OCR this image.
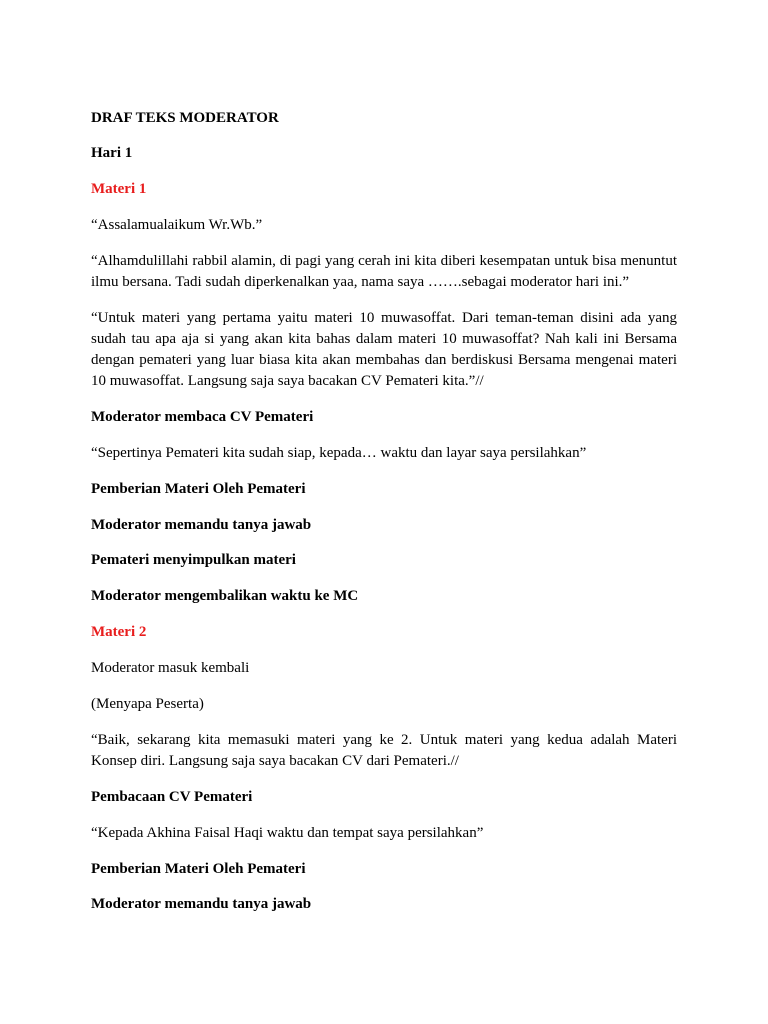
DRAF TEKS MODERATOR

Hari 1

Materi 1

“Assalamualaikum Wr.Wb.”

“Alhamdulillahi rabbil alamin, di pagi yang cerah ini kita diberi kesempatan untuk bisa menuntut
ilmu bersana. Tadi sudah diperkenalkan yaa, nama saya …….sebagai moderator hari ini.”

“Untuk materi yang pertama yaitu materi 10 muwasoffat. Dari teman-teman disini ada yang
sudah tau apa aja si yang akan kita bahas dalam materi 10 muwasoffat? Nah kali ini Bersama
dengan pemateri yang luar biasa kita akan membahas dan berdiskusi Bersama mengenai materi
10 muwasoffat. Langsung saja saya bacakan CV Pemateri kita.”//

Moderator membaca CV Pemateri

“Sepertinya Pemateri kita sudah siap, kepada… waktu dan layar saya persilahkan”

Pemberian Materi Oleh Pemateri

Moderator memandu tanya jawab

Pemateri menyimpulkan materi

Moderator mengembalikan waktu ke MC

Materi 2

Moderator masuk kembali

(Menyapa Peserta)

“Baik, sekarang kita memasuki materi yang ke 2. Untuk materi yang kedua adalah Materi
Konsep diri. Langsung saja saya bacakan CV dari Pemateri.//

Pembacaan CV Pemateri

“Kepada Akhina Faisal Haqi waktu dan tempat saya persilahkan”

Pemberian Materi Oleh Pemateri

Moderator memandu tanya jawab
